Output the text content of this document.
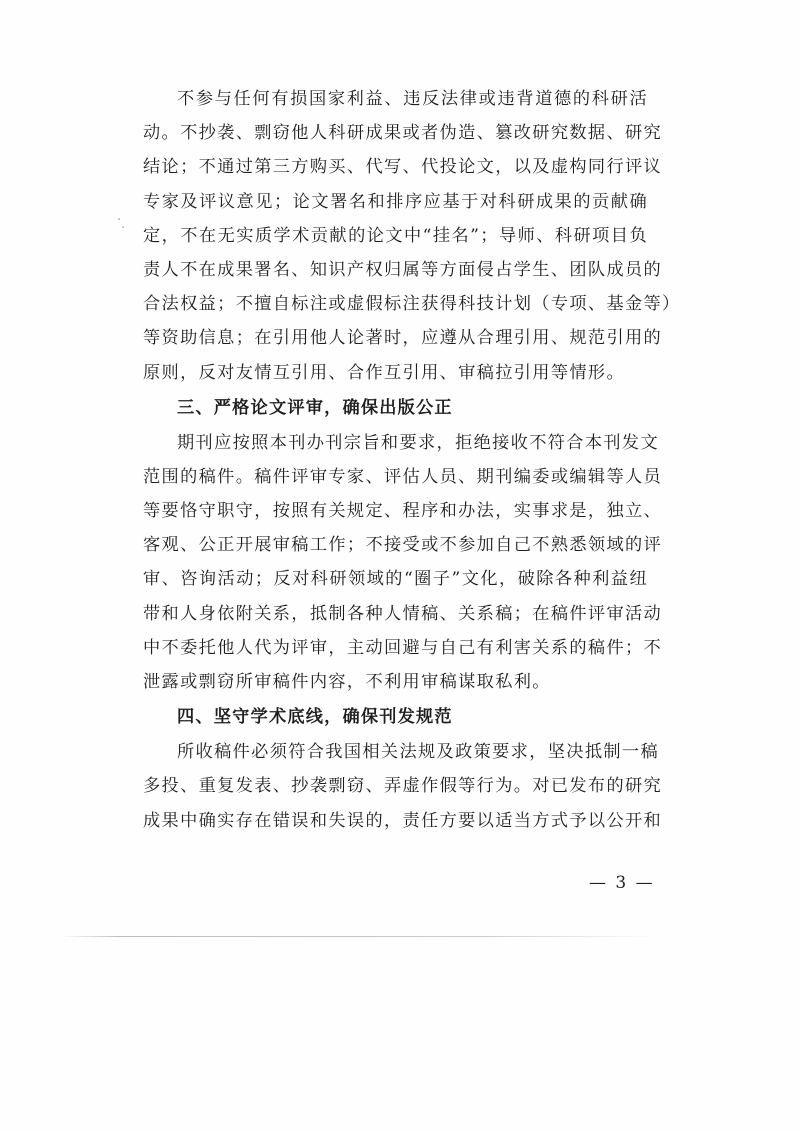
不参与任何有损国家利益、违反法律或违背道德的科研活
动。不抄袭、剽窃他人科研成果或者伪造、篡改研究数据、研究
结论；不通过第三方购买、代写、代投论文，以及虚构同行评议
专家及评议意见；论文署名和排序应基于对科研成果的贡献确
定，不在无实质学术贡献的论文中“挂名”；导师、科研项目负
责人不在成果署名、知识产权归属等方面侵占学生、团队成员的
合法权益；不擅自标注或虚假标注获得科技计划（专项、基金等）
等资助信息；在引用他人论著时，应遵从合理引用、规范引用的
原则，反对友情互引用、合作互引用、审稿拉引用等情形。
三、严格论文评审，确保出版公正
期刊应按照本刊办刊宗旨和要求，拒绝接收不符合本刊发文
范围的稿件。稿件评审专家、评估人员、期刊编委或编辑等人员
等要恪守职守，按照有关规定、程序和办法，实事求是，独立、
客观、公正开展审稿工作；不接受或不参加自己不熟悉领域的评
审、咨询活动；反对科研领域的“圈子”文化，破除各种利益纽
带和人身依附关系，抵制各种人情稿、关系稿；在稿件评审活动
中不委托他人代为评审，主动回避与自己有利害关系的稿件；不
泄露或剽窃所审稿件内容，不利用审稿谋取私利。
四、坚守学术底线，确保刊发规范
所收稿件必须符合我国相关法规及政策要求，坚决抵制一稿
多投、重复发表、抄袭剽窃、弄虚作假等行为。对已发布的研究
成果中确实存在错误和失误的，责任方要以适当方式予以公开和
— 3 —
